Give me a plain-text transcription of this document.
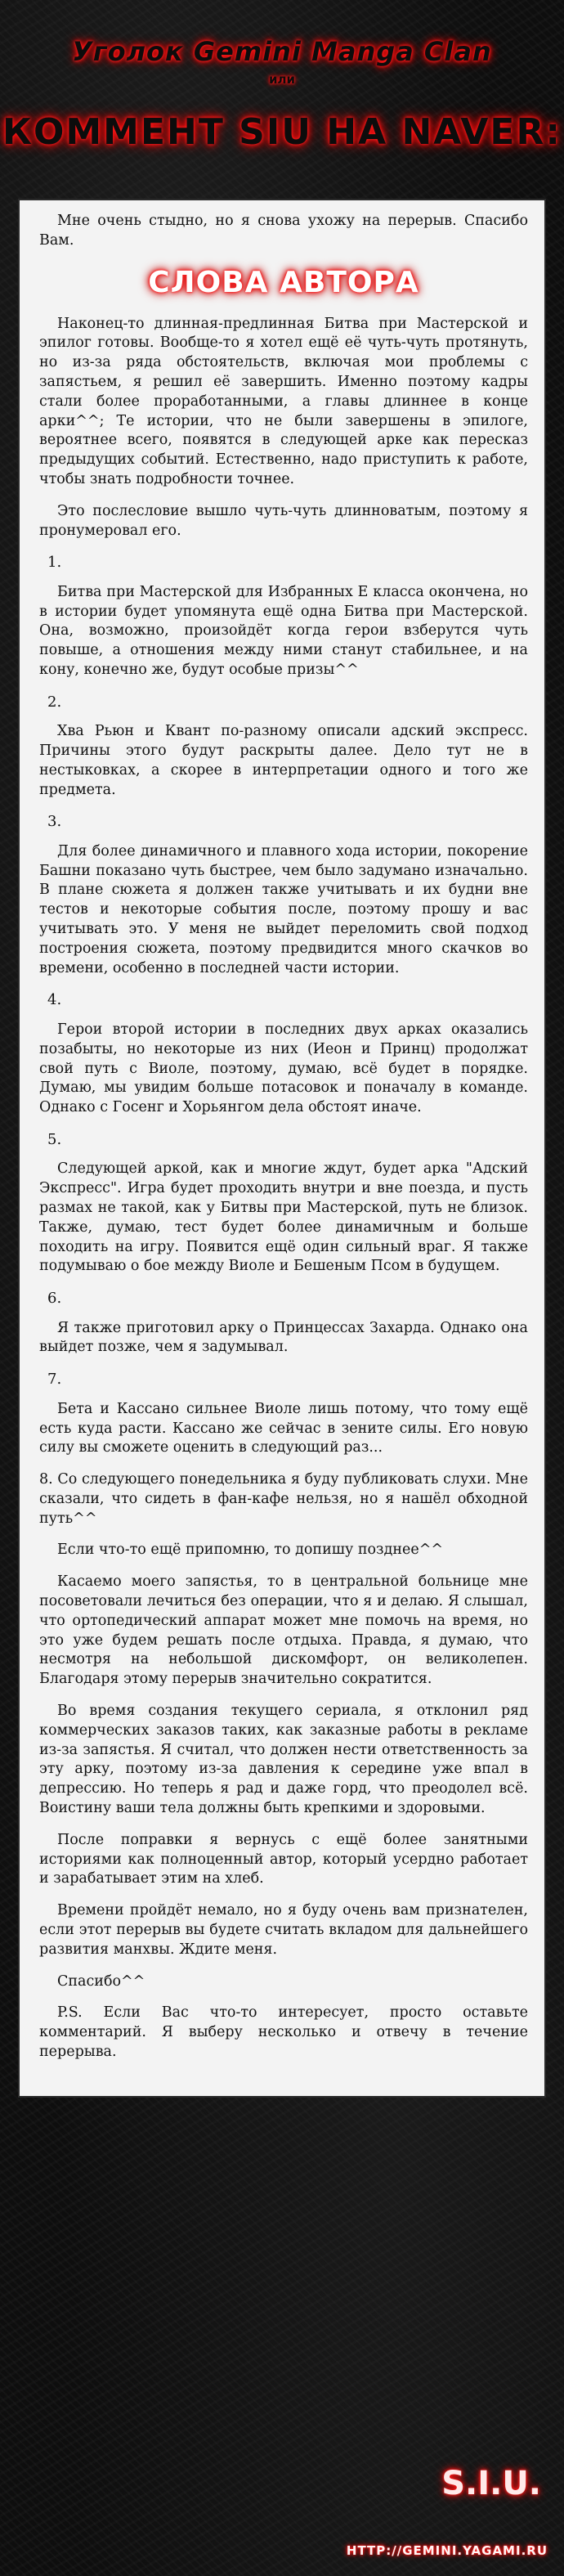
Уголок Gemini Manga Clan
или
КОММЕНТ SIU НА NAVER:

Мне очень стыдно, но я снова ухожу на перерыв. Спасибо Вам.

СЛОВА АВТОРА

Наконец-то длинная-предлинная Битва при Мастерской и эпилог готовы. Вообще-то я хотел ещё её чуть-чуть протянуть, но из-за ряда обстоятельств, включая мои проблемы с запястьем, я решил её завершить. Именно поэтому кадры стали более проработанными, а главы длиннее в конце арки^^; Те истории, что не были завершены в эпилоге, вероятнее всего, появятся в следующей арке как пересказ предыдущих событий. Естественно, надо приступить к работе, чтобы знать подробности точнее.

Это послесловие вышло чуть-чуть длинноватым, поэтому я пронумеровал его.

1.

Битва при Мастерской для Избранных Е класса окончена, но в истории будет упомянута ещё одна Битва при Мастерской. Она, возможно, произойдёт когда герои взберутся чуть повыше, а отношения между ними станут стабильнее, и на кону, конечно же, будут особые призы^^

2.

Хва Рьюн и Квант по-разному описали адский экспресс. Причины этого будут раскрыты далее. Дело тут не в нестыковках, а скорее в интерпретации одного и того же предмета.

3.

Для более динамичного и плавного хода истории, покорение Башни показано чуть быстрее, чем было задумано изначально. В плане сюжета я должен также учитывать и их будни вне тестов и некоторые события после, поэтому прошу и вас учитывать это. У меня не выйдет переломить свой подход построения сюжета, поэтому предвидится много скачков во времени, особенно в последней части истории.

4.

Герои второй истории в последних двух арках оказались позабыты, но некоторые из них (Иеон и Принц) продолжат свой путь с Виоле, поэтому, думаю, всё будет в порядке. Думаю, мы увидим больше потасовок и поначалу в команде. Однако с Госенг и Хорьянгом дела обстоят иначе.

5.

Следующей аркой, как и многие ждут, будет арка "Адский Экспресс". Игра будет проходить внутри и вне поезда, и пусть размах не такой, как у Битвы при Мастерской, путь не близок. Также, думаю, тест будет более динамичным и больше походить на игру. Появится ещё один сильный враг. Я также подумываю о бое между Виоле и Бешеным Псом в будущем.

6.

Я также приготовил арку о Принцессах Захарда. Однако она выйдет позже, чем я задумывал.

7.

Бета и Кассано сильнее Виоле лишь потому, что тому ещё есть куда расти. Кассано же сейчас в зените силы. Его новую силу вы сможете оценить в следующий раз...

8. Со следующего понедельника я буду публиковать слухи. Мне сказали, что сидеть в фан-кафе нельзя, но я нашёл обходной путь^^

Если что-то ещё припомню, то допишу позднее^^

Касаемо моего запястья, то в центральной больнице мне посоветовали лечиться без операции, что я и делаю. Я слышал, что ортопедический аппарат может мне помочь на время, но это уже будем решать после отдыха. Правда, я думаю, что несмотря на небольшой дискомфорт, он великолепен. Благодаря этому перерыв значительно сократится.

Во время создания текущего сериала, я отклонил ряд коммерческих заказов таких, как заказные работы в рекламе из-за запястья. Я считал, что должен нести ответственность за эту арку, поэтому из-за давления к середине уже впал в депрессию. Но теперь я рад и даже горд, что преодолел всё. Воистину ваши тела должны быть крепкими и здоровыми.

После поправки я вернусь с ещё более занятными историями как полноценный автор, который усердно работает и зарабатывает этим на хлеб.

Времени пройдёт немало, но я буду очень вам признателен, если этот перерыв вы будете считать вкладом для дальнейшего развития манхвы. Ждите меня.

Спасибо^^

P.S. Если Вас что-то интересует, просто оставьте комментарий. Я выберу несколько и отвечу в течение перерыва.

S.I.U.
HTTP://GEMINI.YAGAMI.RU
